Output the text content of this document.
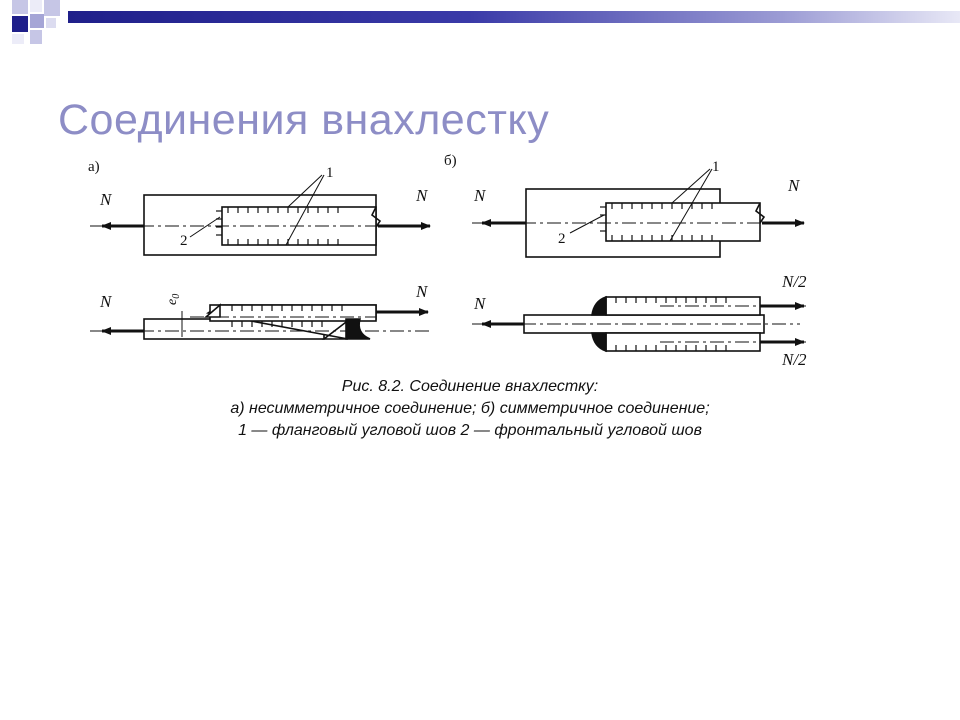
Соединения внахлестку
а)	б)
N	N
N
N
N
N
N
N/2
N/2
1	1
2	2
$e_0$
Рис. 8.2. Соединение внахлестку:
а) несимметричное соединение; б) симметричное соединение;
1 — фланговый угловой шов 2 — фронтальный угловой шов
